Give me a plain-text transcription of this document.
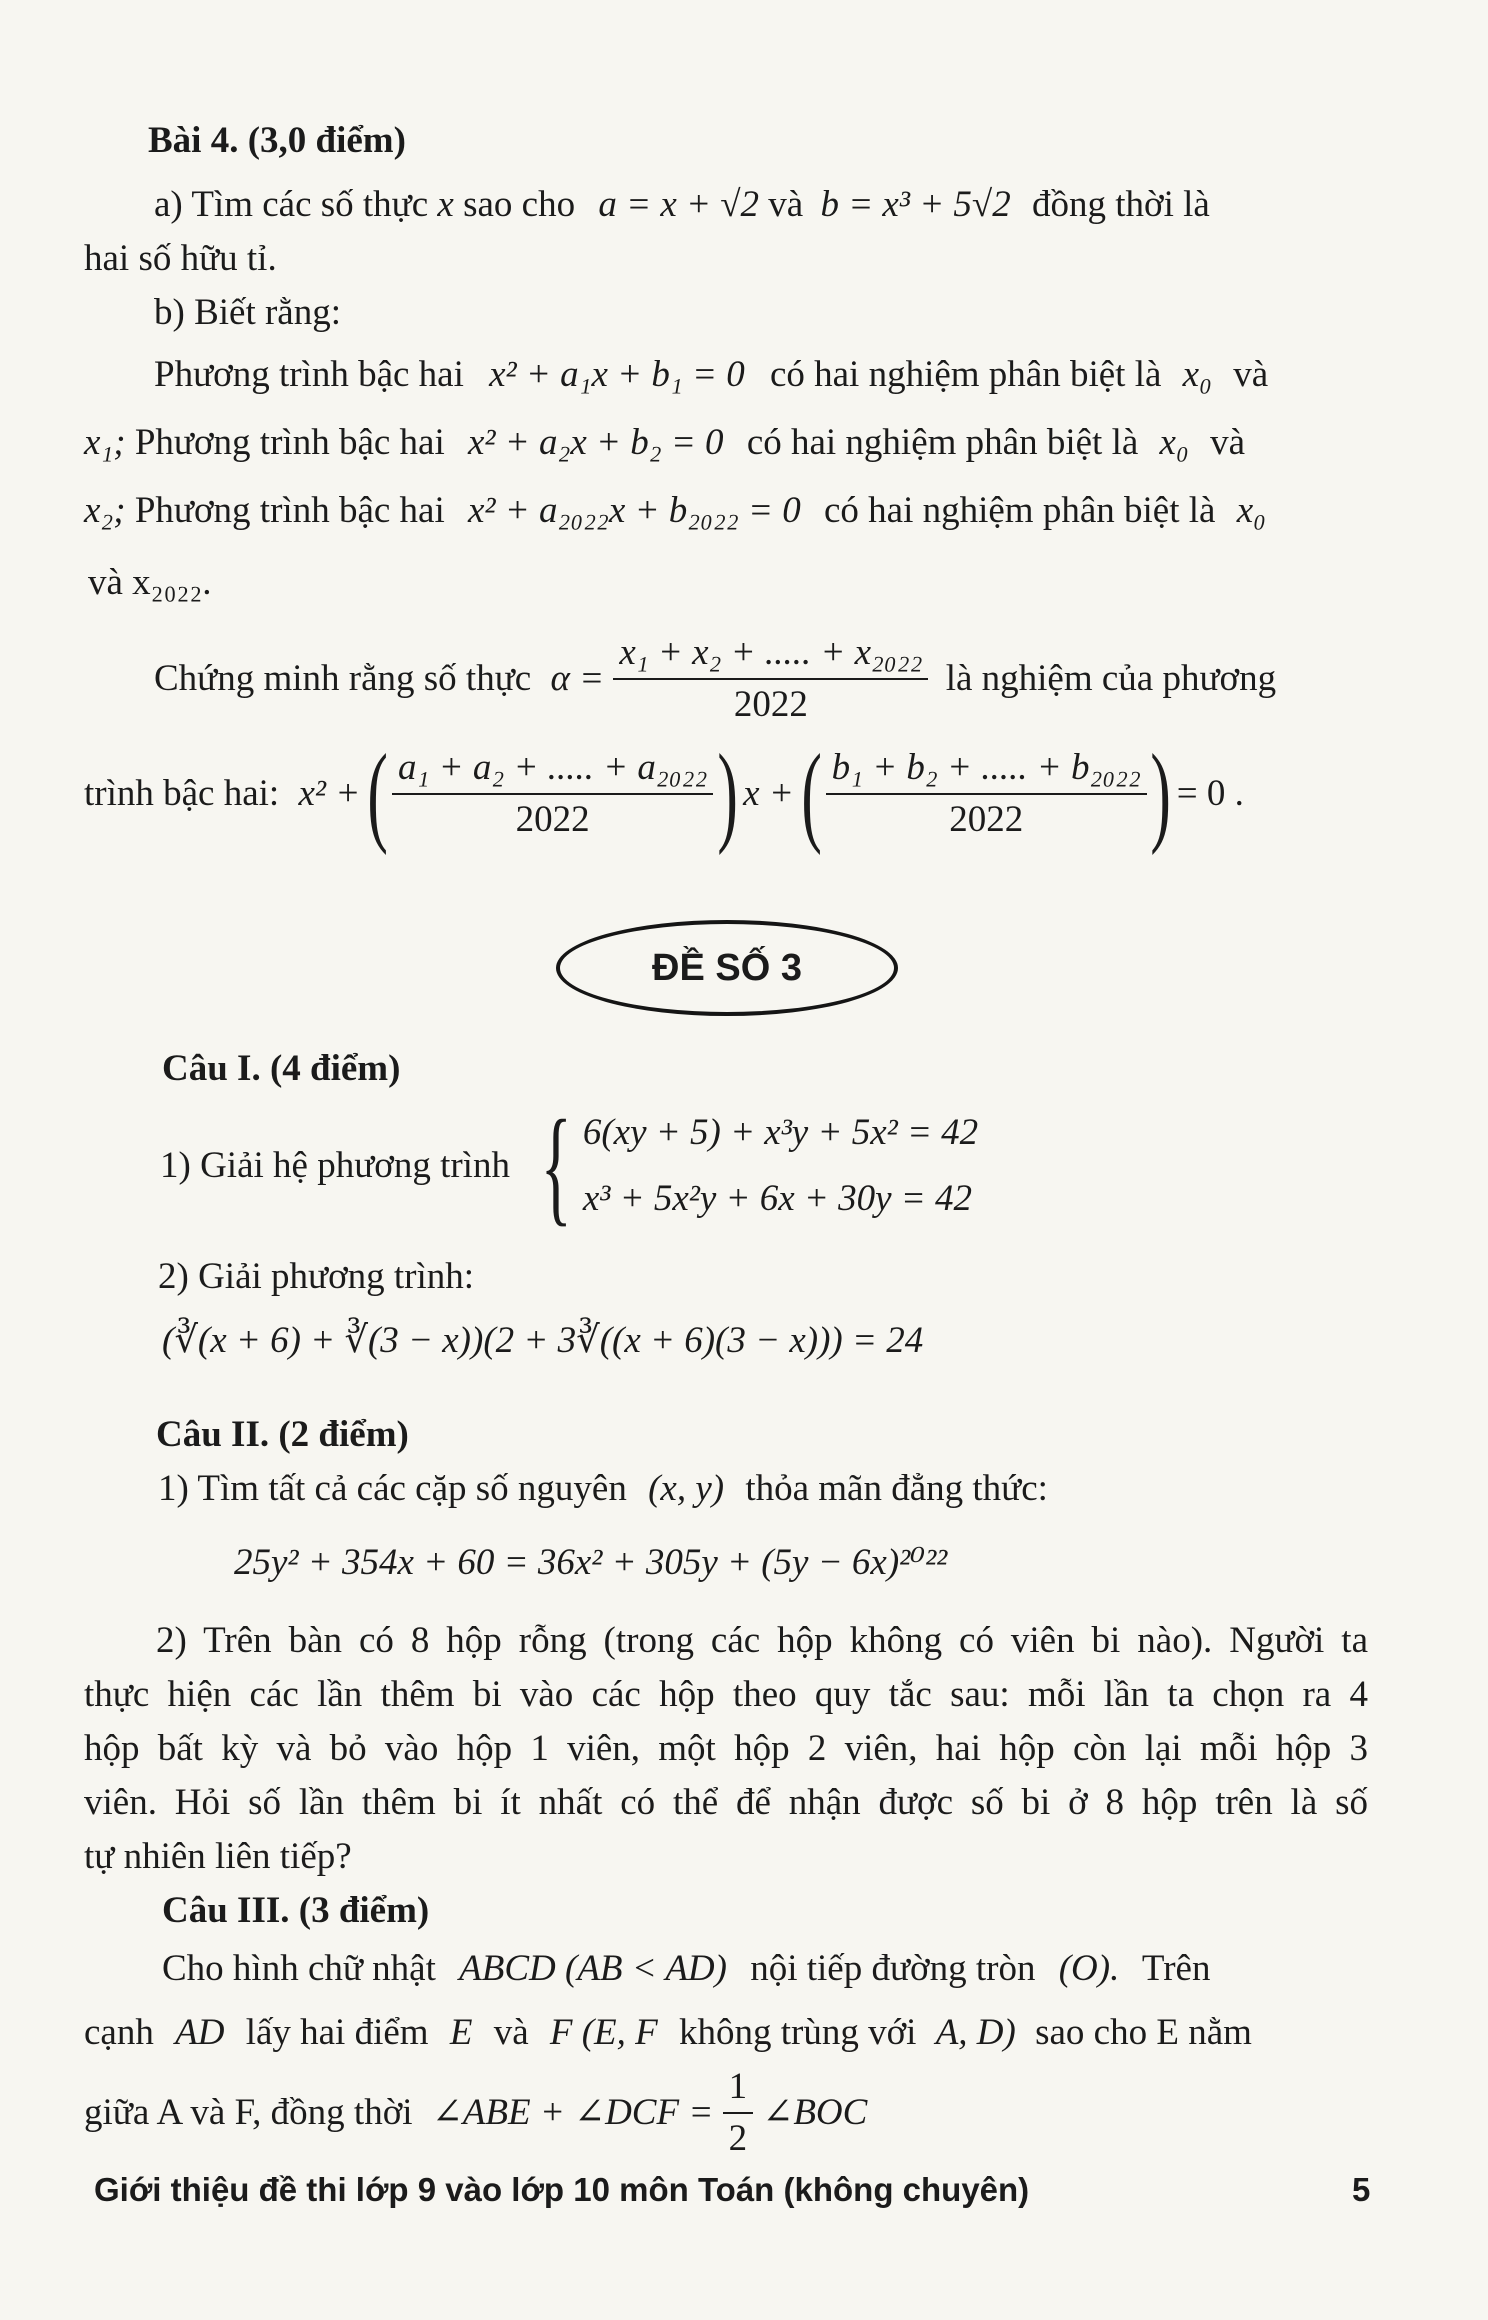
Bài 4. (3,0 điểm)
a) Tìm các số thực x sao cho a = x + √2 và b = x³ + 5√2 đồng thời là
hai số hữu tỉ.
b) Biết rằng:
Phương trình bậc hai x² + a₁x + b₁ = 0 có hai nghiệm phân biệt là x₀ và
x₁; Phương trình bậc hai x² + a₂x + b₂ = 0 có hai nghiệm phân biệt là x₀ và
x₂; Phương trình bậc hai x² + a₂₀₂₂x + b₂₀₂₂ = 0 có hai nghiệm phân biệt là x₀
và x₂₀₂₂.
Chứng minh rằng số thực $\alpha = \frac{\text{x₁ + x₂ + ..... + x₂₀₂₂}}{2022}$ là nghiệm của phương
trình bậc hai: x² + ( $\frac{\text{a₁ + a₂ + ..... + a₂₀₂₂}}{2022}$ ) x + ( $\frac{\text{b₁ + b₂ + ..... + b₂₀₂₂}}{2022}$ ) = 0 .
ĐỀ SỐ 3
Câu I. (4 điểm)
1) Giải hệ phương trình { 6(xy + 5) + x³y + 5x² = 42
x³ + 5x²y + 6x + 30y = 42
2) Giải phương trình:
(∛(x + 6) + ∛(3 − x))(2 + 3∛((x + 6)(3 − x))) = 24
Câu II. (2 điểm)
1) Tìm tất cả các cặp số nguyên (x, y) thỏa mãn đẳng thức:
25y² + 354x + 60 = 36x² + 305y + (5y − 6x)²⁰²²
2) Trên bàn có 8 hộp rỗng (trong các hộp không có viên bi nào). Người ta
thực hiện các lần thêm bi vào các hộp theo quy tắc sau: mỗi lần ta chọn ra 4
hộp bất kỳ và bỏ vào hộp 1 viên, một hộp 2 viên, hai hộp còn lại mỗi hộp 3
viên. Hỏi số lần thêm bi ít nhất có thể để nhận được số bi ở 8 hộp trên là số
tự nhiên liên tiếp?
Câu III. (3 điểm)
Cho hình chữ nhật ABCD (AB < AD) nội tiếp đường tròn (O). Trên
cạnh AD lấy hai điểm E và F (E, F không trùng với A, D) sao cho E nằm
giữa A và F, đồng thời ∠ABE + ∠DCF = $\frac{1}{2}$ ∠BOC
Giới thiệu đề thi lớp 9 vào lớp 10 môn Toán (không chuyên)	5
